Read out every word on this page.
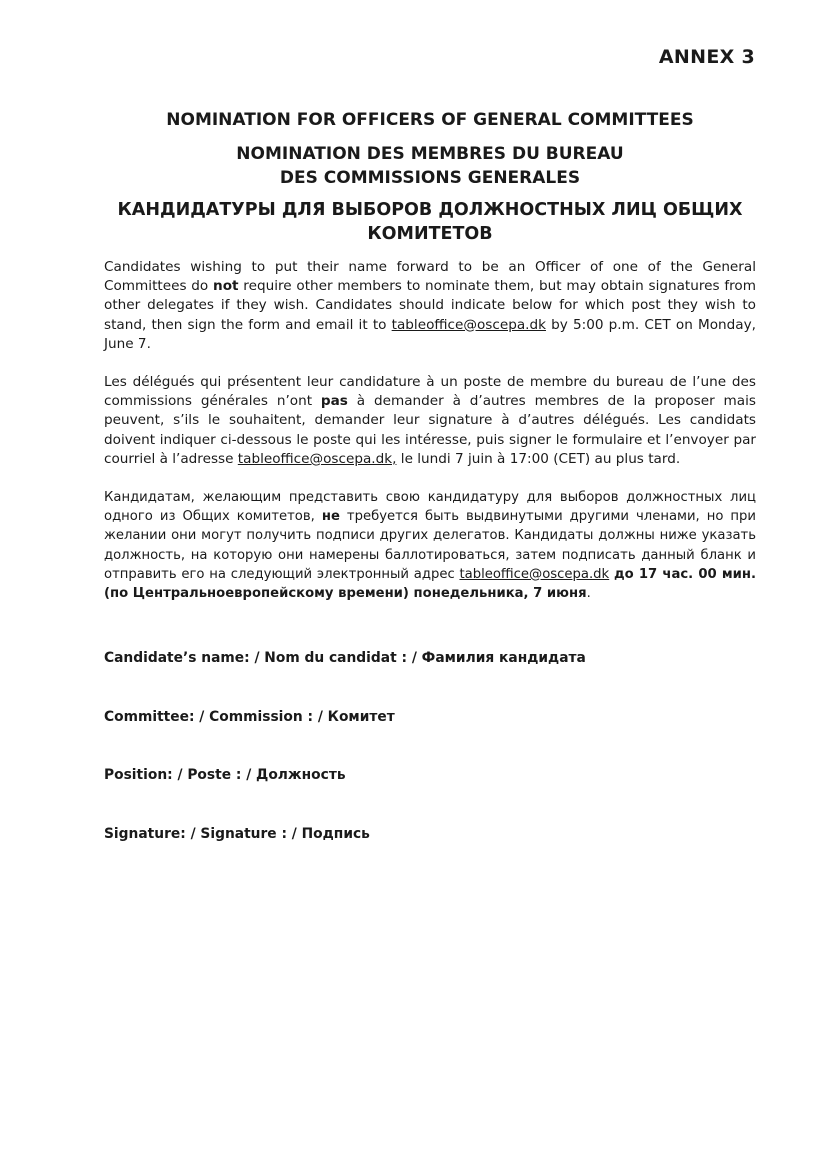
ANNEX 3
NOMINATION FOR OFFICERS OF GENERAL COMMITTEES
NOMINATION DES MEMBRES DU BUREAU
DES COMMISSIONS GENERALES
КАНДИДАТУРЫ ДЛЯ ВЫБОРОВ ДОЛЖНОСТНЫХ ЛИЦ ОБЩИХ
КОМИТЕТОВ

Candidates wishing to put their name forward to be an Officer of one of the General Committees do not require other members to nominate them, but may obtain signatures from other delegates if they wish. Candidates should indicate below for which post they wish to stand, then sign the form and email it to tableoffice@oscepa.dk by 5:00 p.m. CET on Monday, June 7.

Les délégués qui présentent leur candidature à un poste de membre du bureau de l’une des commissions générales n’ont pas à demander à d’autres membres de la proposer mais peuvent, s’ils le souhaitent, demander leur signature à d’autres délégués. Les candidats doivent indiquer ci-dessous le poste qui les intéresse, puis signer le formulaire et l’envoyer par courriel à l’adresse tableoffice@oscepa.dk, le lundi 7 juin à 17:00 (CET) au plus tard.

Кандидатам, желающим представить свою кандидатуру для выборов должностных лиц одного из Общих комитетов, не требуется быть выдвинутыми другими членами, но при желании они могут получить подписи других делегатов. Кандидаты должны ниже указать должность, на которую они намерены баллотироваться, затем подписать данный бланк и отправить его на следующий электронный адрес tableoffice@oscepa.dk до 17 час. 00 мин. (по Центральноевропейскому времени) понедельника, 7 июня.

Candidate’s name: / Nom du candidat : / Фамилия кандидата
Committee: / Commission : / Комитет
Position: / Poste : / Должность
Signature: / Signature : / Подпись
